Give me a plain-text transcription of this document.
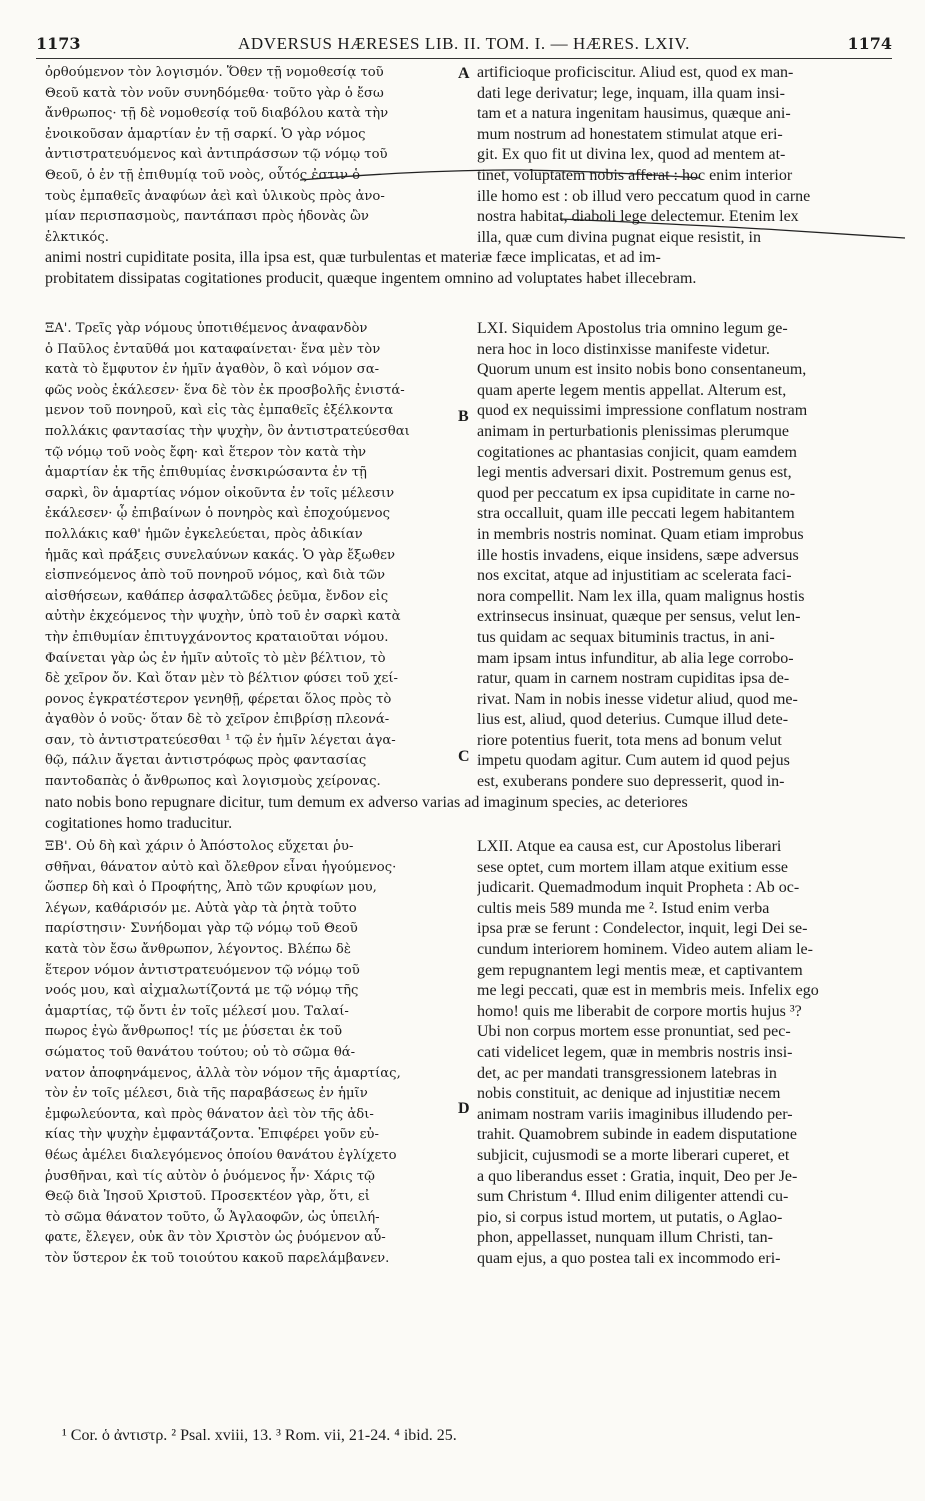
1173	ADVERSUS HÆRESES LIB. II. TOM. I. — HÆRES. LXIV.	1174
ὀρθούμενον τὸν λογισμόν. Ὅθεν τῇ νομοθεσίᾳ τοῦ
Θεοῦ κατὰ τὸν νοῦν συνηδόμεθα· τοῦτο γὰρ ὁ ἔσω
ἄνθρωπος· τῇ δὲ νομοθεσίᾳ τοῦ διαβόλου κατὰ τὴν
ἐνοικοῦσαν ἁμαρτίαν ἐν τῇ σαρκί. Ὁ γὰρ νόμος
ἀντιστρατευόμενος καὶ ἀντιπράσσων τῷ νόμῳ τοῦ
Θεοῦ, ὁ ἐν τῇ ἐπιθυμίᾳ τοῦ νοὸς, οὗτός ἐστιν ὁ
τοὺς ἐμπαθεῖς ἀναφύων ἀεὶ καὶ ὑλικοὺς πρὸς ἀνο-
μίαν περισπασμοὺς, παντάπασι πρὸς ἡδονὰς ὢν
ἑλκτικός.
artificioque proficiscitur. Aliud est, quod ex man-
dati lege derivatur; lege, inquam, illa quam insi-
tam et a natura ingenitam hausimus, quæque ani-
mum nostrum ad honestatem stimulat atque eri-
git. Ex quo fit ut divina lex, quod ad mentem at-
tinet, voluptatem nobis afferat : hoc enim interior
ille homo est : ob illud vero peccatum quod in carne
nostra habitat, diaboli lege delectemur. Etenim lex
illa, quæ cum divina pugnat eique resistit, in
animi nostri cupiditate posita, illa ipsa est, quæ turbulentas et materiæ fæce implicatas, et ad im-
probitatem dissipatas cogitationes producit, quæque ingentem omnino ad voluptates habet illecebram.
ΞΑ'. Τρεῖς γὰρ νόμους ὑποτιθέμενος ἀναφανδὸν
ὁ Παῦλος ἐνταῦθά μοι καταφαίνεται· ἕνα μὲν τὸν
κατὰ τὸ ἔμφυτον ἐν ἡμῖν ἀγαθὸν, ὃ καὶ νόμον σα-
φῶς νοὸς ἐκάλεσεν· ἕνα δὲ τὸν ἐκ προσβολῆς ἐνιστά-
μενον τοῦ πονηροῦ, καὶ εἰς τὰς ἐμπαθεῖς ἐξέλκοντα
πολλάκις φαντασίας τὴν ψυχὴν, ὃν ἀντιστρατεύεσθαι
τῷ νόμῳ τοῦ νοὸς ἔφη· καὶ ἕτερον τὸν κατὰ τὴν
ἁμαρτίαν ἐκ τῆς ἐπιθυμίας ἐνσκιρώσαντα ἐν τῇ
σαρκὶ, ὃν ἁμαρτίας νόμον οἰκοῦντα ἐν τοῖς μέλεσιν
ἐκάλεσεν· ᾧ ἐπιβαίνων ὁ πονηρὸς καὶ ἐποχούμενος
πολλάκις καθ' ἡμῶν ἐγκελεύεται, πρὸς ἀδικίαν
ἡμᾶς καὶ πράξεις συνελαύνων κακάς. Ὁ γὰρ ἔξωθεν
εἰσπνεόμενος ἀπὸ τοῦ πονηροῦ νόμος, καὶ διὰ τῶν
αἰσθήσεων, καθάπερ ἀσφαλτῶδες ῥεῦμα, ἔνδον εἰς
αὐτὴν ἐκχεόμενος τὴν ψυχὴν, ὑπὸ τοῦ ἐν σαρκὶ κατὰ
τὴν ἐπιθυμίαν ἐπιτυγχάνοντος κραταιοῦται νόμου.
Φαίνεται γὰρ ὡς ἐν ἡμῖν αὐτοῖς τὸ μὲν βέλτιον, τὸ
δὲ χεῖρον ὄν. Καὶ ὅταν μὲν τὸ βέλτιον φύσει τοῦ χεί-
ρονος ἐγκρατέστερον γενηθῇ, φέρεται ὅλος πρὸς τὸ
ἀγαθὸν ὁ νοῦς· ὅταν δὲ τὸ χεῖρον ἐπιβρίσῃ πλεονά-
σαν, τὸ ἀντιστρατεύεσθαι ¹ τῷ ἐν ἡμῖν λέγεται ἀγα-
θῷ, πάλιν ἄγεται ἀντιστρόφως πρὸς φαντασίας
παντοδαπὰς ὁ ἄνθρωπος καὶ λογισμοὺς χείρονας.
LXI. Siquidem Apostolus tria omnino legum ge-
nera hoc in loco distinxisse manifeste videtur.
Quorum unum est insito nobis bono consentaneum,
quam aperte legem mentis appellat. Alterum est,
quod ex nequissimi impressione conflatum nostram
animam in perturbationis plenissimas plerumque
cogitationes ac phantasias conjicit, quam eamdem
legi mentis adversari dixit. Postremum genus est,
quod per peccatum ex ipsa cupiditate in carne no-
stra occalluit, quam ille peccati legem habitantem
in membris nostris nominat. Quam etiam improbus
ille hostis invadens, eique insidens, sæpe adversus
nos excitat, atque ad injustitiam ac scelerata faci-
nora compellit. Nam lex illa, quam malignus hostis
extrinsecus insinuat, quæque per sensus, velut len-
tus quidam ac sequax bituminis tractus, in ani-
mam ipsam intus infunditur, ab alia lege corrobo-
ratur, quam in carnem nostram cupiditas ipsa de-
rivat. Nam in nobis inesse videtur aliud, quod me-
lius est, aliud, quod deterius. Cumque illud dete-
riore potentius fuerit, tota mens ad bonum velut
impetu quodam agitur. Cum autem id quod pejus
est, exuberans pondere suo depresserit, quod in-
nato nobis bono repugnare dicitur, tum demum ex adverso varias ad imaginum species, ac deteriores
cogitationes homo traducitur.
ΞΒ'. Οὐ δὴ καὶ χάριν ὁ Ἀπόστολος εὔχεται ῥυ-
σθῆναι, θάνατον αὐτὸ καὶ ὄλεθρον εἶναι ἡγούμενος·
ὥσπερ δὴ καὶ ὁ Προφήτης, Ἀπὸ τῶν κρυφίων μου,
λέγων, καθάρισόν με. Αὐτὰ γὰρ τὰ ῥητὰ τοῦτο
παρίστησιν· Συνήδομαι γὰρ τῷ νόμῳ τοῦ Θεοῦ
κατὰ τὸν ἔσω ἄνθρωπον, λέγοντος. Βλέπω δὲ
ἕτερον νόμον ἀντιστρατευόμενον τῷ νόμῳ τοῦ
νοός μου, καὶ αἰχμαλωτίζοντά με τῷ νόμῳ τῆς
ἁμαρτίας, τῷ ὄντι ἐν τοῖς μέλεσί μου. Ταλαί-
πωρος ἐγὼ ἄνθρωπος! τίς με ῥύσεται ἐκ τοῦ
σώματος τοῦ θανάτου τούτου; οὐ τὸ σῶμα θά-
νατον ἀποφηνάμενος, ἀλλὰ τὸν νόμον τῆς ἁμαρτίας,
τὸν ἐν τοῖς μέλεσι, διὰ τῆς παραβάσεως ἐν ἡμῖν
ἐμφωλεύοντα, καὶ πρὸς θάνατον ἀεὶ τὸν τῆς ἀδι-
κίας τὴν ψυχὴν ἐμφαντάζοντα. Ἐπιφέρει γοῦν εὐ-
θέως ἀμέλει διαλεγόμενος ὁποίου θανάτου ἐγλίχετο
ῥυσθῆναι, καὶ τίς αὐτὸν ὁ ῥυόμενος ἦν· Χάρις τῷ
Θεῷ διὰ Ἰησοῦ Χριστοῦ. Προσεκτέον γὰρ, ὅτι, εἰ
τὸ σῶμα θάνατον τοῦτο, ὦ Ἀγλαοφῶν, ὡς ὑπειλή-
φατε, ἔλεγεν, οὐκ ἂν τὸν Χριστὸν ὡς ῥυόμενον αὖ-
τὸν ὕστερον ἐκ τοῦ τοιούτου κακοῦ παρελάμβανεν.
LXII. Atque ea causa est, cur Apostolus liberari
sese optet, cum mortem illam atque exitium esse
judicarit. Quemadmodum inquit Propheta : Ab oc-
cultis meis 589 munda me ². Istud enim verba
ipsa præ se ferunt : Condelector, inquit, legi Dei se-
cundum interiorem hominem. Video autem aliam le-
gem repugnantem legi mentis meæ, et captivantem
me legi peccati, quæ est in membris meis. Infelix ego
homo! quis me liberabit de corpore mortis hujus ³?
Ubi non corpus mortem esse pronuntiat, sed pec-
cati videlicet legem, quæ in membris nostris insi-
det, ac per mandati transgressionem latebras in
nobis constituit, ac denique ad injustitiæ necem
animam nostram variis imaginibus illudendo per-
trahit. Quamobrem subinde in eadem disputatione
subjicit, cujusmodi se a morte liberari cuperet, et
a quo liberandus esset : Gratia, inquit, Deo per Je-
sum Christum ⁴. Illud enim diligenter attendi cu-
pio, si corpus istud mortem, ut putatis, o Aglao-
phon, appellasset, nunquam illum Christi, tan-
quam ejus, a quo postea tali ex incommodo eri-
A
B
C
D
¹ Cor. ὁ ἀντιστρ. ² Psal. xviii, 13. ³ Rom. vii, 21-24. ⁴ ibid. 25.
